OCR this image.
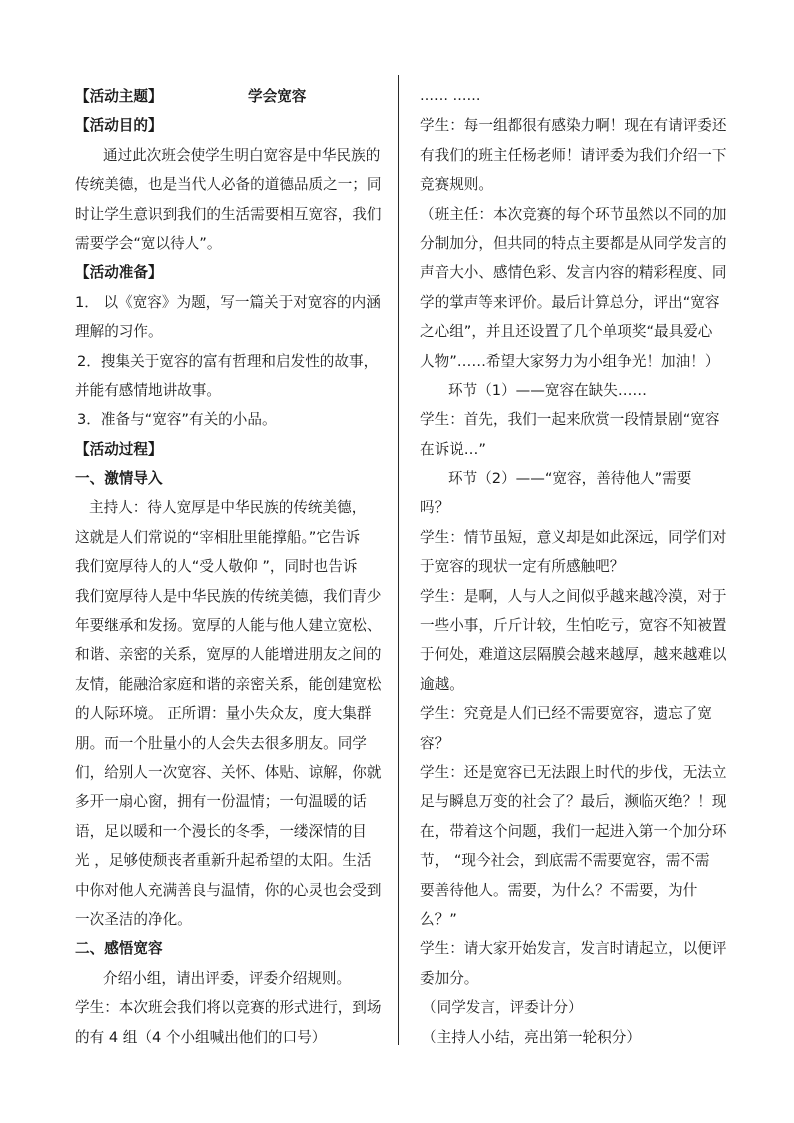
【活动主题】	学会宽容
【活动目的】
通过此次班会使学生明白宽容是中华民族的
传统美德，也是当代人必备的道德品质之一；同
时让学生意识到我们的生活需要相互宽容，我们
需要学会“宽以待人”。
【活动准备】
1． 以《宽容》为题，写一篇关于对宽容的内涵
理解的习作。
2．搜集关于宽容的富有哲理和启发性的故事，
并能有感情地讲故事。
3．准备与“宽容”有关的小品。
【活动过程】
一、激情导入
主持人：待人宽厚是中华民族的传统美德，
这就是人们常说的“宰相肚里能撑船。”它告诉
我们宽厚待人的人“受人敬仰 ”，同时也告诉
我们宽厚待人是中华民族的传统美德，我们青少
年要继承和发扬。宽厚的人能与他人建立宽松、
和谐、亲密的关系，宽厚的人能增进朋友之间的
友情，能融洽家庭和谐的亲密关系，能创建宽松
的人际环境。 正所谓：量小失众友，度大集群
朋。而一个肚量小的人会失去很多朋友。同学
们，给别人一次宽容、关怀、体贴、谅解，你就
多开一扇心窗，拥有一份温情；一句温暖的话
语，足以暖和一个漫长的冬季，一缕深情的目
光 ，足够使颓丧者重新升起希望的太阳。生活
中你对他人充满善良与温情，你的心灵也会受到
一次圣洁的净化。
二、感悟宽容
介绍小组，请出评委，评委介绍规则。
学生：本次班会我们将以竞赛的形式进行，到场
的有 4 组（4 个小组喊出他们的口号）
…… ……
学生：每一组都很有感染力啊！现在有请评委还
有我们的班主任杨老师！请评委为我们介绍一下
竞赛规则。
（班主任：本次竞赛的每个环节虽然以不同的加
分制加分，但共同的特点主要都是从同学发言的
声音大小、感情色彩、发言内容的精彩程度、同
学的掌声等来评价。最后计算总分，评出“宽容
之心组”，并且还设置了几个单项奖“最具爱心
人物”……希望大家努力为小组争光！加油！）
环节（1）——宽容在缺失……
学生：首先，我们一起来欣赏一段情景剧“宽容
在诉说…”
环节（2）——“宽容，善待他人”需要
吗？
学生：情节虽短，意义却是如此深远，同学们对
于宽容的现状一定有所感触吧？
学生：是啊，人与人之间似乎越来越冷漠，对于
一些小事，斤斤计较，生怕吃亏，宽容不知被置
于何处，难道这层隔膜会越来越厚，越来越难以
逾越。
学生：究竟是人们已经不需要宽容，遗忘了宽
容？
学生：还是宽容已无法跟上时代的步伐，无法立
足与瞬息万变的社会了？最后，濒临灭绝？！现
在，带着这个问题，我们一起进入第一个加分环
节， “现今社会，到底需不需要宽容，需不需
要善待他人。需要，为什么？不需要，为什
么？”
学生：请大家开始发言，发言时请起立，以便评
委加分。
（同学发言，评委计分）
（主持人小结，亮出第一轮积分）
